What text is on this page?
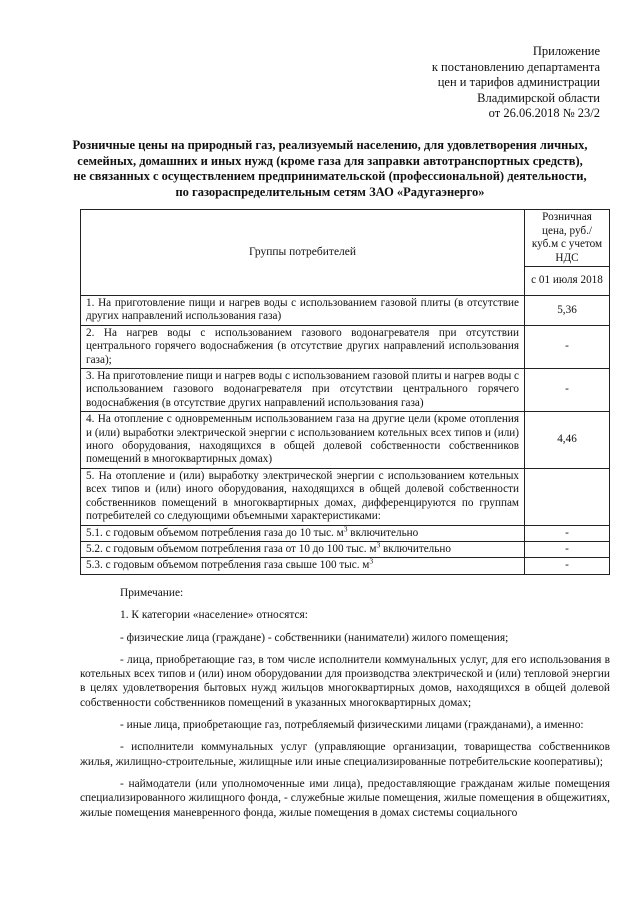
Приложение
к постановлению департамента
цен и тарифов администрации
Владимирской области
от 26.06.2018 № 23/2
Розничные цены на природный газ, реализуемый населению, для удовлетворения личных, семейных, домашних и иных нужд (кроме газа для заправки автотранспортных средств), не связанных с осуществлением предпринимательской (профессиональной) деятельности, по газораспределительным сетям ЗАО «Радугаэнерго»
Группы потребителей	Розничная цена, руб./куб.м с учетом НДС
	с 01 июля 2018
1. На приготовление пищи и нагрев воды с использованием газовой плиты (в отсутствие других направлений использования газа)	5,36
2. На нагрев воды с использованием газового водонагревателя при отсутствии центрального горячего водоснабжения (в отсутствие других направлений использования газа);	-
3. На приготовление пищи и нагрев воды с использованием газовой плиты и нагрев воды с использованием газового водонагревателя при отсутствии центрального горячего водоснабжения (в отсутствие других направлений использования газа)	-
4. На отопление с одновременным использованием газа на другие цели (кроме отопления и (или) выработки электрической энергии с использованием котельных всех типов и (или) иного оборудования, находящихся в общей долевой собственности собственников помещений в многоквартирных домах)	4,46
5. На отопление и (или) выработку электрической энергии с использованием котельных всех типов и (или) иного оборудования, находящихся в общей долевой собственности собственников помещений в многоквартирных домах, дифференцируются по группам потребителей со следующими объемными характеристиками:	
5.1. с годовым объемом потребления газа до 10 тыс. $м^3$ включительно	-
5.2. с годовым объемом потребления газа от 10 до 100 тыс. $м^3$ включительно	-
5.3. с годовым объемом потребления газа свыше 100 тыс. $м^3$	-

Примечание:

1. К категории «население» относятся:

- физические лица (граждане) - собственники (наниматели) жилого помещения;

- лица, приобретающие газ, в том числе исполнители коммунальных услуг, для его использования в котельных всех типов и (или) ином оборудовании для производства электрической и (или) тепловой энергии в целях удовлетворения бытовых нужд жильцов многоквартирных домов, находящихся в общей долевой собственности собственников помещений в указанных многоквартирных домах;

- иные лица, приобретающие газ, потребляемый физическими лицами (гражданами), а именно:

- исполнители коммунальных услуг (управляющие организации, товарищества собственников жилья, жилищно-строительные, жилищные или иные специализированные потребительские кооперативы);

- наймодатели (или уполномоченные ими лица), предоставляющие гражданам жилые помещения специализированного жилищного фонда, - служебные жилые помещения, жилые помещения в общежитиях, жилые помещения маневренного фонда, жилые помещения в домах системы социального
